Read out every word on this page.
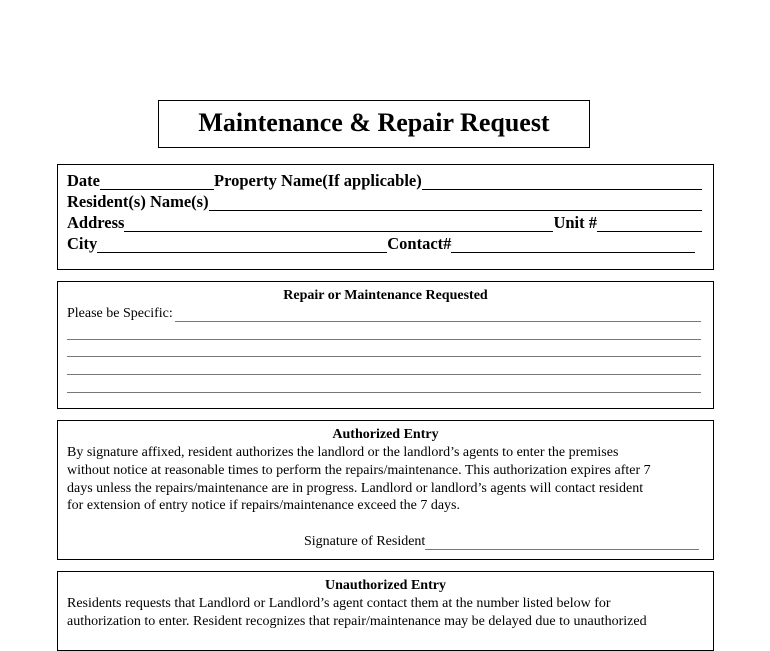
Maintenance & Repair Request
Date	Property Name(If applicable)
Resident(s) Name(s)
Address	Unit #
City	Contact#
Repair or Maintenance Requested
Please be Specific:
Authorized Entry
By signature affixed, resident authorizes the landlord or the landlord’s agents to enter the premises
without notice at reasonable times to perform the repairs/maintenance. This authorization expires after 7
days unless the repairs/maintenance are in progress. Landlord or landlord’s agents will contact resident
for extension of entry notice if repairs/maintenance exceed the 7 days.
Signature of Resident
Unauthorized Entry
Residents requests that Landlord or Landlord’s agent contact them at the number listed below for
authorization to enter. Resident recognizes that repair/maintenance may be delayed due to unauthorized
